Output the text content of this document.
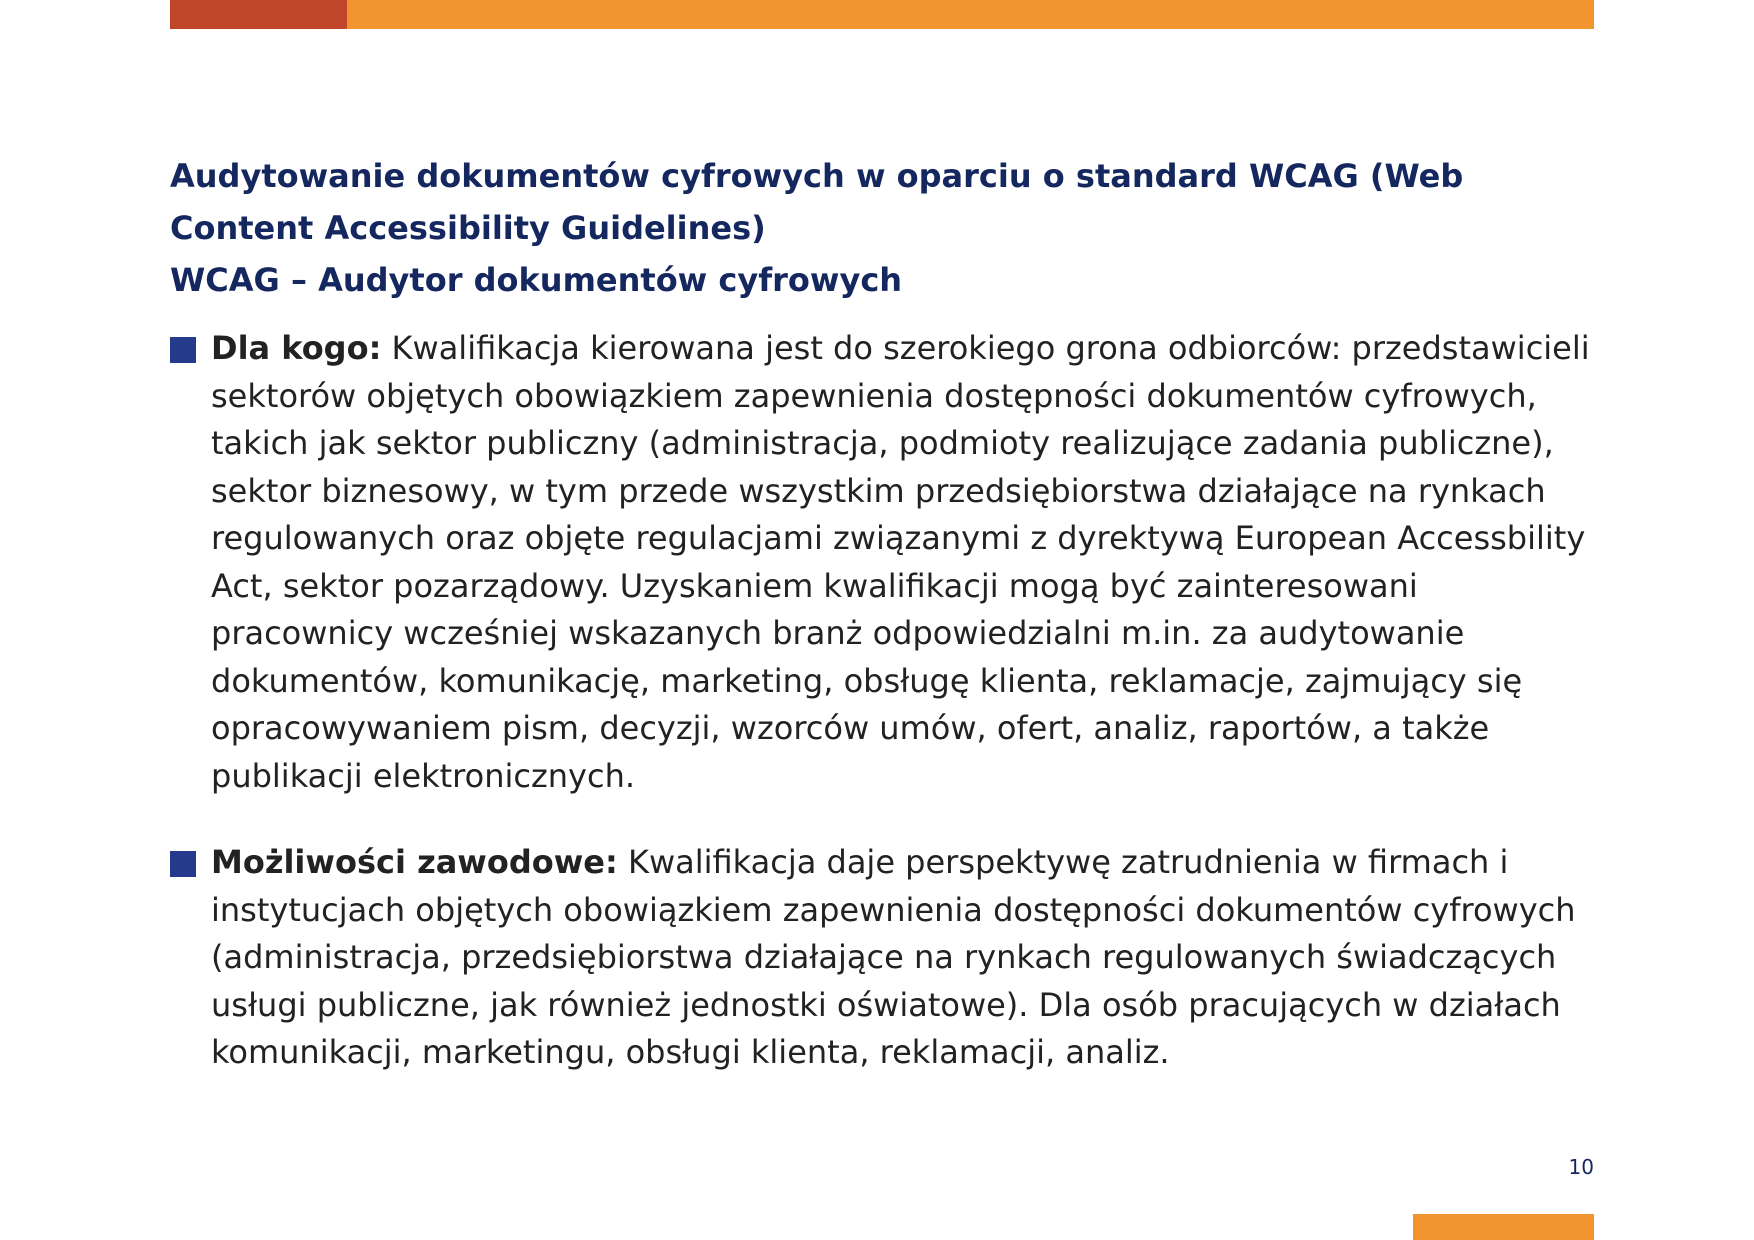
Audytowanie dokumentów cyfrowych w oparciu o standard WCAG (Web Content Accessibility Guidelines)

WCAG – Audytor dokumentów cyfrowych

Dla kogo: Kwalifikacja kierowana jest do szerokiego grona odbiorców: przedstawicieli sektorów objętych obowiązkiem zapewnienia dostępności dokumentów cyfrowych, takich jak sektor publiczny (administracja, podmioty realizujące zadania publiczne), sektor biznesowy, w tym przede wszystkim przedsiębiorstwa działające na rynkach regulowanych oraz objęte regulacjami związanymi z dyrektywą European Accessbility Act, sektor pozarządowy. Uzyskaniem kwalifikacji mogą być zainteresowani pracownicy wcześniej wskazanych branż odpowiedzialni m.in. za audytowanie dokumentów, komunikację, marketing, obsługę klienta, reklamacje, zajmujący się opracowywaniem pism, decyzji, wzorców umów, ofert, analiz, raportów, a także publikacji elektronicznych.
Możliwości zawodowe: Kwalifikacja daje perspektywę zatrudnienia w firmach i instytucjach objętych obowiązkiem zapewnienia dostępności dokumentów cyfrowych (administracja, przedsiębiorstwa działające na rynkach regulowanych świadczących usługi publiczne, jak również jednostki oświatowe). Dla osób pracujących w działach komunikacji, marketingu, obsługi klienta, reklamacji, analiz.
10
